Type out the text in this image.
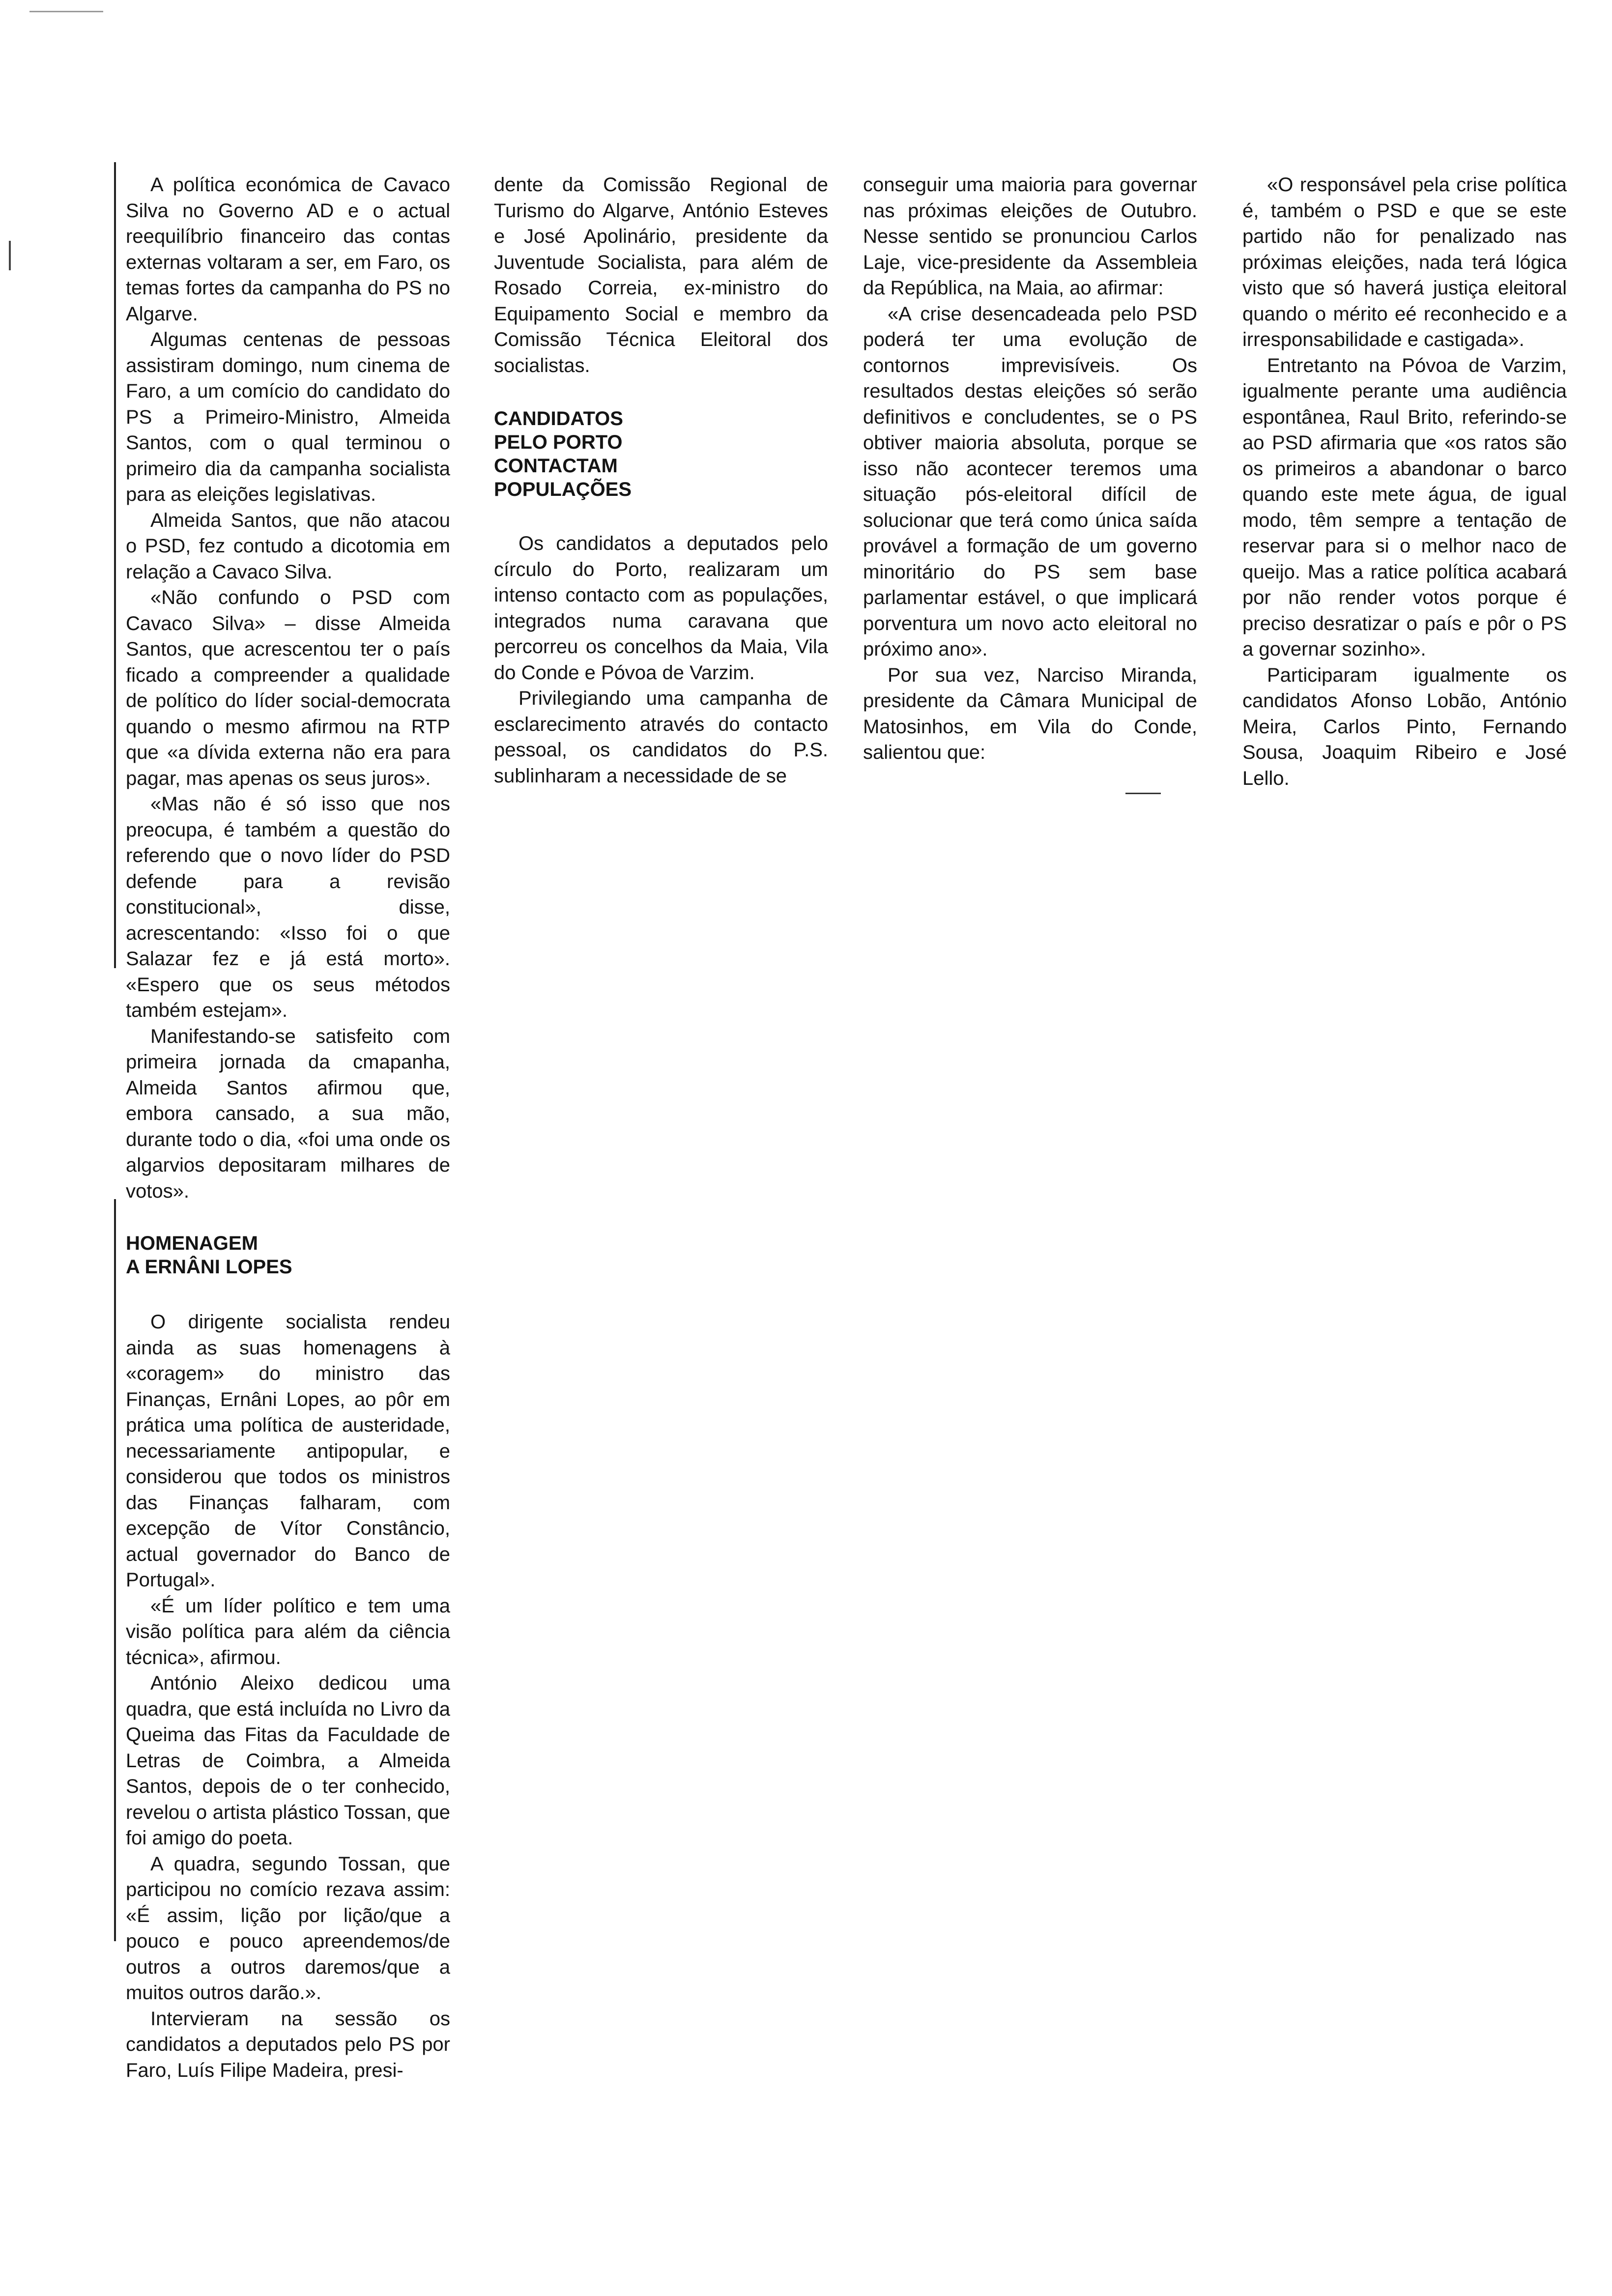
A política económica de Cavaco Silva no Governo AD e o actual reequilíbrio financeiro das contas externas voltaram a ser, em Faro, os temas fortes da campanha do PS no Algarve.

Algumas centenas de pessoas assistiram domingo, num cinema de Faro, a um comício do candidato do PS a Primeiro-Ministro, Almeida Santos, com o qual terminou o primeiro dia da campanha socialista para as eleições legislativas.

Almeida Santos, que não atacou o PSD, fez contudo a dicotomia em relação a Cavaco Silva.

«Não confundo o PSD com Cavaco Silva» – disse Almeida Santos, que acrescentou ter o país ficado a compreender a qualidade de político do líder social-democrata quando o mesmo afirmou na RTP que «a dívida externa não era para pagar, mas apenas os seus juros».

«Mas não é só isso que nos preocupa, é também a questão do referendo que o novo líder do PSD defende para a revisão constitucional», disse, acrescentando: «Isso foi o que Salazar fez e já está morto». «Espero que os seus métodos também estejam».

Manifestando-se satisfeito com primeira jornada da cmapanha, Almeida Santos afirmou que, embora cansado, a sua mão, durante todo o dia, «foi uma onde os algarvios depositaram milhares de votos».

HOMENAGEM
A ERNÂNI LOPES

O dirigente socialista rendeu ainda as suas homenagens à «coragem» do ministro das Finanças, Ernâni Lopes, ao pôr em prática uma política de austeridade, necessariamente antipopular, e considerou que todos os ministros das Finanças falharam, com excepção de Vítor Constâncio, actual governador do Banco de Portugal».

«É um líder político e tem uma visão política para além da ciência técnica», afirmou.

António Aleixo dedicou uma quadra, que está incluída no Livro da Queima das Fitas da Faculdade de Letras de Coimbra, a Almeida Santos, depois de o ter conhecido, revelou o artista plástico Tossan, que foi amigo do poeta.

A quadra, segundo Tossan, que participou no comício rezava assim: «É assim, lição por lição/que a pouco e pouco apreendemos/de outros a outros daremos/que a muitos outros darão.».

Intervieram na sessão os candidatos a deputados pelo PS por Faro, Luís Filipe Madeira, presi-

dente da Comissão Regional de Turismo do Algarve, António Esteves e José Apolinário, presidente da Juventude Socialista, para além de Rosado Correia, ex-ministro do Equipamento Social e membro da Comissão Técnica Eleitoral dos socialistas.

CANDIDATOS
PELO PORTO
CONTACTAM
POPULAÇÕES

Os candidatos a deputados pelo círculo do Porto, realizaram um intenso contacto com as populações, integrados numa caravana que percorreu os concelhos da Maia, Vila do Conde e Póvoa de Varzim.

Privilegiando uma campanha de esclarecimento através do contacto pessoal, os candidatos do P.S. sublinharam a necessidade de se

conseguir uma maioria para governar nas próximas eleições de Outubro. Nesse sentido se pronunciou Carlos Laje, vice-presidente da Assembleia da República, na Maia, ao afirmar:

«A crise desencadeada pelo PSD poderá ter uma evolução de contornos imprevisíveis. Os resultados destas eleições só serão definitivos e concludentes, se o PS obtiver maioria absoluta, porque se isso não acontecer teremos uma situação pós-eleitoral difícil de solucionar que terá como única saída provável a formação de um governo minoritário do PS sem base parlamentar estável, o que implicará porventura um novo acto eleitoral no próximo ano».

Por sua vez, Narciso Miranda, presidente da Câmara Municipal de Matosinhos, em Vila do Conde, salientou que:

«O responsável pela crise política é, também o PSD e que se este partido não for penalizado nas próximas eleições, nada terá lógica visto que só haverá justiça eleitoral quando o mérito eé reconhecido e a irresponsabilidade e castigada».

Entretanto na Póvoa de Varzim, igualmente perante uma audiência espontânea, Raul Brito, referindo-se ao PSD afirmaria que «os ratos são os primeiros a abandonar o barco quando este mete água, de igual modo, têm sempre a tentação de reservar para si o melhor naco de queijo. Mas a ratice política acabará por não render votos porque é preciso desratizar o país e pôr o PS a governar sozinho».

Participaram igualmente os candidatos Afonso Lobão, António Meira, Carlos Pinto, Fernando Sousa, Joaquim Ribeiro e José Lello.
